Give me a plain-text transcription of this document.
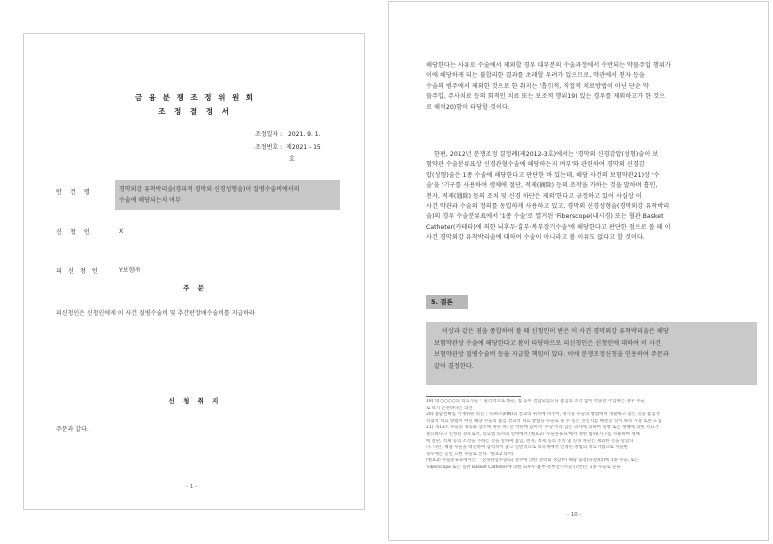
금 융 분 쟁 조 정 위 원 회
조 정 결 정 서
조정일자 : 2021. 9. 1.
조정번호 : 제2021 - 15
호
안 건 명	경막외강 유착박리술(경피적 경막외 신경성형술)이 질병수술비에서의
수술에 해당되는지 여부
신 청 인	X
피 신 청 인	Y보험㈜
주 문
피신청인은 신청인에게 이 사건 질병수술비 및 추간판장애수술비를 지급하라
신 청 취 지
주문과 같다.
- 1 -
해당한다는 사유로 수술에서 제외할 경우 대부분의 수술과정에서 수반되는 약물주입 행위가
이에 해당하게 되는 불합리한 결과를 초래할 우려가 있으므로, 약관에서 천자 등을
수술의 범주에서 제외한 것으로 한 취지는 '흡引적, 직접적 치료방법이 아닌 단순 약
물주입, 주사치료 등의 회적인 치료 또는 보조적 행위19) 있는 경우를 제외하고가 한 것으
로 해석20)함이 타당할 것이다.
한편, 2012년 분쟁조정 결정례(제2012-3호)에서는 '경막외 신경감압(성형)술이 보
험약관 수술분류표상 신경관혈수술에 해당하는지 여부'와 관련하여 경막외 신경감
압(성형)술은 1종 수술에 해당한다고 판단한 바 있는데, 해당 사건의 보험약관21)상 '수
술'을 '기구를 사용하여 생체에 절단, 적제(摘除) 등의 조작을 가하는 것을 말하며 흡인,
천자, 적제(遇除) 등의 조치 및 신경 차단은 제외'한다고 규정하고 있어 사실상 이
사건 약관과 수술의 정의를 동일하게 사용하고 있고, 경막외 신경성형술(경막외강 유착박리
술)의 경우 수술분류표에서 '1종 수술'로 열거된 'Fiberscope(내시경) 또는 혈관 Basket
Catheter(카테타)에 의한 뇌후두·흉부·복부장기수술'에 해당한다고 판단한 점으로 볼 때 이
사건 경막외강 유착박리술에 대하여 수술이 아니라고 볼 이유도 없다고 할 것이다.
5. 결론
이상과 같은 점을 종합하여 볼 때 신청인이 받은 이 사건 경막외강 유착박리술은 해당
보험약관상 수술에 해당한다고 봄이 타당하므로 피신청인은 신청인에 대하여 이 사건
보험약관상 질병수술비 등을 지급할 책임이 있다. 이에 분쟁조정신청을 인용하여 주문과
같이 결정한다.
19) 대 ○○○○의 의료가술 : '물리적으로 바늘, 침 등이 결합되었으나 흡입의 조각 없이 약물만 주입하는 경우 수술
로 보기 곤란하다는 의견
20) 종합결확립 기재위원 의견 : '피하조(PIN)의 결과의 위치에 비추어, 정식을 수술의 방법에서 개괄하고 있는 것을 흡입적
직접적 치료 방법이 아닌 해당 수술의 흡입 결과적 치료 방법을 수술로 볼 수 있는 것인지를 해결할 것이 따라 가장 토론 도입
21) 개13조 수술의 정의와 장소에 따른 바: 본 약관에 있어서 '수술'이라 함은 의사에 의하여 질병 또는 재해에 의한 치료가
필요하다고 인정된 경우로서, 의료법 의사의 면허에서 (별표2) '수술분류표'에서 정한 범위(기구를 사용하여 생체
에 절단, 적제 등의 조작을 가하는 것을 말하며 흡입, 천자, 적제 등의 조치 및 신경 차단은 제외한 것을 말합니
다. 다만, 해당 수술을 대신하여 합리적이 높고 일반적으로 의학계에서 인정된 방법의 치료기법으로 시술한
경우에는 동일 요한 수술로 본다. '별표2 의미)
(별표2) 수술분류표에서는 「신경관혈수술(뇌 절수에 의한 경막외 경감)이 해당 흡강(유강)(5)에 1종 수술, 또는
'Fiberscope 또는 혈관 Basket Catheter에 의한 뇌후두·흉부·복부장기수술'(7번)은 1종 수술로 분류
- 10 -
